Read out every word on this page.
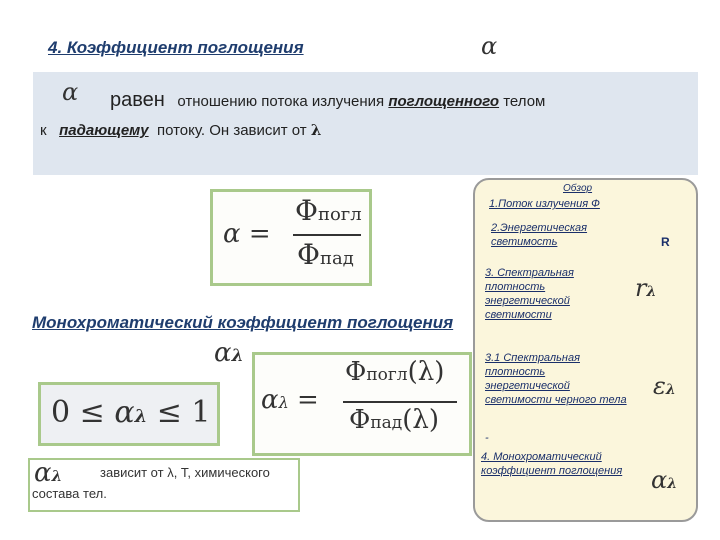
4. Коэффициент поглощения	α
α равен отношению потока излучения поглощенного телом
к падающему потоку. Он зависит от λ
α =
Φпогл
Φпад
Монохроматический коэффициент поглощения
αλ
0 ≤ αλ ≤ 1 αλ =
Φпогл(λ)
Φпад(λ)
αλ	зависит от λ, T, химического
состава тел.
Обзор
1.Поток излучения Ф
2.Энергетическая
светимость	R
3. Спектральная
плотность
энергетической
светимости
rλ
3.1 Спектральная
плотность
энергетической
светимости черного тела ελ
-
4. Монохроматический
коэффициент поглощения αλ
